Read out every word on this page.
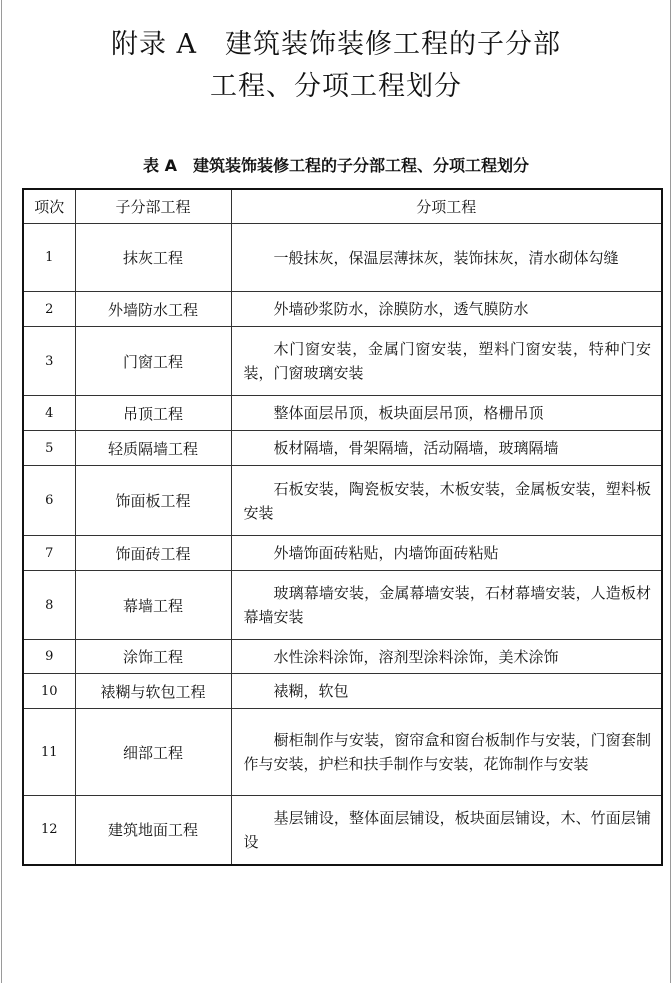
附录 A　建筑装饰装修工程的子分部
工程、分项工程划分
表 A　建筑装饰装修工程的子分部工程、分项工程划分
项次	子分部工程	分项工程
1	抹灰工程	一般抹灰，保温层薄抹灰，装饰抹灰，清水砌体勾缝
2	外墙防水工程	外墙砂浆防水，涂膜防水，透气膜防水
3	门窗工程	木门窗安装，金属门窗安装，塑料门窗安装，特种门安装，门窗玻璃安装
4	吊顶工程	整体面层吊顶，板块面层吊顶，格栅吊顶
5	轻质隔墙工程	板材隔墙，骨架隔墙，活动隔墙，玻璃隔墙
6	饰面板工程	石板安装，陶瓷板安装，木板安装，金属板安装，塑料板安装
7	饰面砖工程	外墙饰面砖粘贴，内墙饰面砖粘贴
8	幕墙工程	玻璃幕墙安装，金属幕墙安装，石材幕墙安装，人造板材幕墙安装
9	涂饰工程	水性涂料涂饰，溶剂型涂料涂饰，美术涂饰
10	裱糊与软包工程	裱糊，软包
11	细部工程	橱柜制作与安装，窗帘盒和窗台板制作与安装，门窗套制作与安装，护栏和扶手制作与安装，花饰制作与安装
12	建筑地面工程	基层铺设，整体面层铺设，板块面层铺设，木、竹面层铺设
